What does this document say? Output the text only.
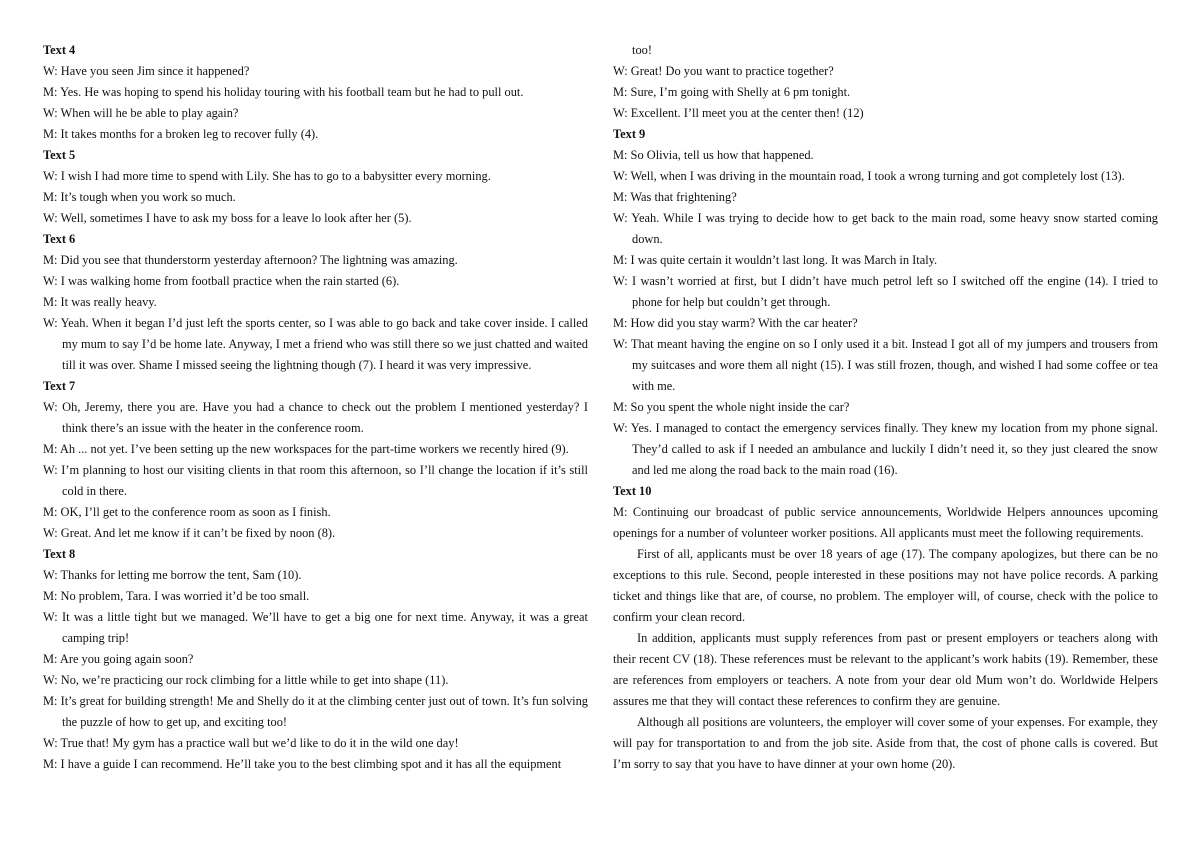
Text 4

W: Have you seen Jim since it happened?

M: Yes. He was hoping to spend his holiday touring with his football team but he had to pull out.

W: When will he be able to play again?

M: It takes months for a broken leg to recover fully (4).

Text 5

W: I wish I had more time to spend with Lily. She has to go to a babysitter every morning.

M: It’s tough when you work so much.

W: Well, sometimes I have to ask my boss for a leave lo look after her (5).

Text 6

M: Did you see that thunderstorm yesterday afternoon? The lightning was amazing.

W: I was walking home from football practice when the rain started (6).

M: It was really heavy.

W: Yeah. When it began I’d just left the sports center, so I was able to go back and take cover inside. I called my mum to say I’d be home late. Anyway, I met a friend who was still there so we just chatted and waited till it was over. Shame I missed seeing the lightning though (7). I heard it was very impressive.

Text 7

W: Oh, Jeremy, there you are. Have you had a chance to check out the problem I mentioned yesterday? I think there’s an issue with the heater in the conference room.

M: Ah ... not yet. I’ve been setting up the new workspaces for the part-time workers we recently hired (9).

W: I’m planning to host our visiting clients in that room this afternoon, so I’ll change the location if it’s still cold in there.

M: OK, I’ll get to the conference room as soon as I finish.

W: Great. And let me know if it can’t be fixed by noon (8).

Text 8

W: Thanks for letting me borrow the tent, Sam (10).

M: No problem, Tara. I was worried it’d be too small.

W: It was a little tight but we managed. We’ll have to get a big one for next time. Anyway, it was a great camping trip!

M: Are you going again soon?

W: No, we’re practicing our rock climbing for a little while to get into shape (11).

M: It’s great for building strength! Me and Shelly do it at the climbing center just out of town. It’s fun solving the puzzle of how to get up, and exciting too!

W: True that! My gym has a practice wall but we’d like to do it in the wild one day!

M: I have a guide I can recommend. He’ll take you to the best climbing spot and it has all the equipment

too!

W: Great! Do you want to practice together?

M: Sure, I’m going with Shelly at 6 pm tonight.

W: Excellent. I’ll meet you at the center then! (12)

Text 9

M: So Olivia, tell us how that happened.

W: Well, when I was driving in the mountain road, I took a wrong turning and got completely lost (13).

M: Was that frightening?

W: Yeah. While I was trying to decide how to get back to the main road, some heavy snow started coming down.

M: I was quite certain it wouldn’t last long. It was March in Italy.

W: I wasn’t worried at first, but I didn’t have much petrol left so I switched off the engine (14). I tried to phone for help but couldn’t get through.

M: How did you stay warm? With the car heater?

W: That meant having the engine on so I only used it a bit. Instead I got all of my jumpers and trousers from my suitcases and wore them all night (15). I was still frozen, though, and wished I had some coffee or tea with me.

M: So you spent the whole night inside the car?

W: Yes. I managed to contact the emergency services finally. They knew my location from my phone signal. They’d called to ask if I needed an ambulance and luckily I didn’t need it, so they just cleared the snow and led me along the road back to the main road (16).

Text 10

M: Continuing our broadcast of public service announcements, Worldwide Helpers announces upcoming openings for a number of volunteer worker positions. All applicants must meet the following requirements.

First of all, applicants must be over 18 years of age (17). The company apologizes, but there can be no exceptions to this rule. Second, people interested in these positions may not have police records. A parking ticket and things like that are, of course, no problem. The employer will, of course, check with the police to confirm your clean record.

In addition, applicants must supply references from past or present employers or teachers along with their recent CV (18). These references must be relevant to the applicant’s work habits (19). Remember, these are references from employers or teachers. A note from your dear old Mum won’t do. Worldwide Helpers assures me that they will contact these references to confirm they are genuine.

Although all positions are volunteers, the employer will cover some of your expenses. For example, they will pay for transportation to and from the job site. Aside from that, the cost of phone calls is covered. But I’m sorry to say that you have to have dinner at your own home (20).
